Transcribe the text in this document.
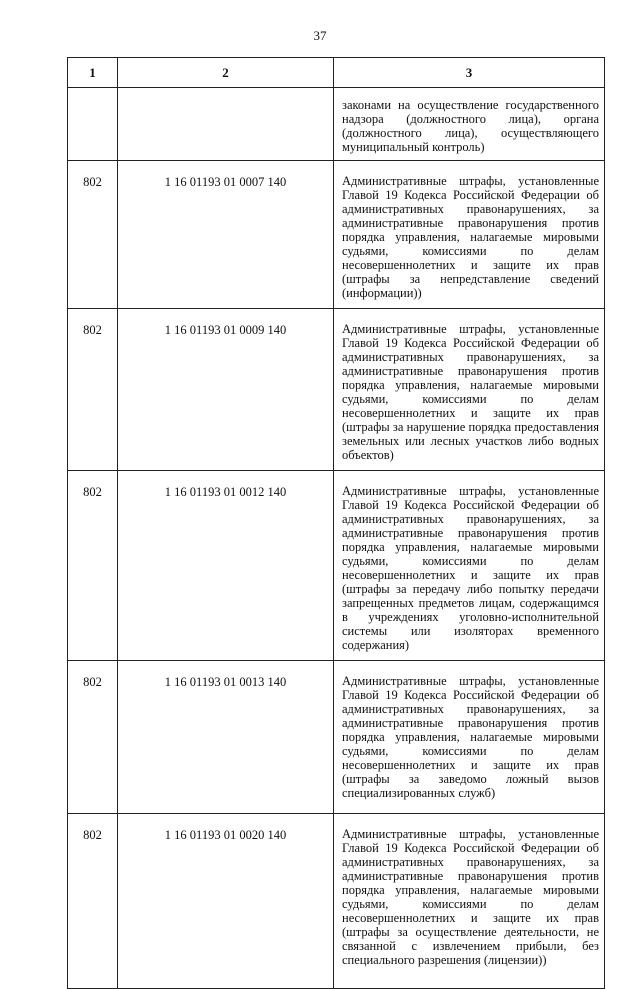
37
1	2	3
		законами на осуществление государственного надзора (должностного лица), органа (должностного лица), осуществляющего муниципальный контроль)
802	1 16 01193 01 0007 140	Административные штрафы, установленные Главой 19 Кодекса Российской Федерации об административных правонарушениях, за административные правонарушения против порядка управления, налагаемые мировыми судьями, комиссиями по делам несовершеннолетних и защите их прав (штрафы за непредставление сведений (информации))
802	1 16 01193 01 0009 140	Административные штрафы, установленные Главой 19 Кодекса Российской Федерации об административных правонарушениях, за административные правонарушения против порядка управления, налагаемые мировыми судьями, комиссиями по делам несовершеннолетних и защите их прав (штрафы за нарушение порядка предоставления земельных или лесных участков либо водных объектов)
802	1 16 01193 01 0012 140	Административные штрафы, установленные Главой 19 Кодекса Российской Федерации об административных правонарушениях, за административные правонарушения против порядка управления, налагаемые мировыми судьями, комиссиями по делам несовершеннолетних и защите их прав (штрафы за передачу либо попытку передачи запрещенных предметов лицам, содержащимся в учреждениях уголовно-исполнительной системы или изоляторах временного содержания)
802	1 16 01193 01 0013 140	Административные штрафы, установленные Главой 19 Кодекса Российской Федерации об административных правонарушениях, за административные правонарушения против порядка управления, налагаемые мировыми судьями, комиссиями по делам несовершеннолетних и защите их прав (штрафы за заведомо ложный вызов специализированных служб)
802	1 16 01193 01 0020 140	Административные штрафы, установленные Главой 19 Кодекса Российской Федерации об административных правонарушениях, за административные правонарушения против порядка управления, налагаемые мировыми судьями, комиссиями по делам несовершеннолетних и защите их прав (штрафы за осуществление деятельности, не связанной с извлечением прибыли, без специального разрешения (лицензии))
